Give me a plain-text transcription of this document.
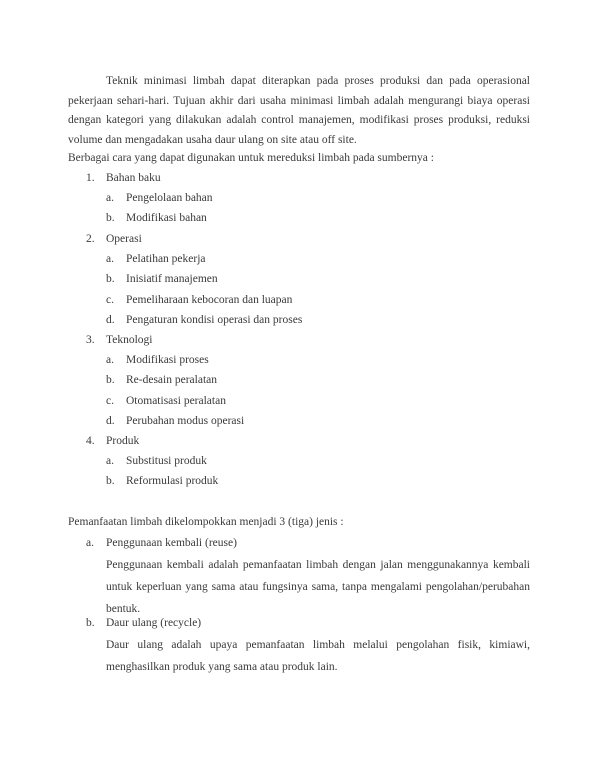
Teknik minimasi limbah dapat diterapkan pada proses produksi dan pada operasional pekerjaan sehari-hari. Tujuan akhir dari usaha minimasi limbah adalah mengurangi biaya operasi dengan kategori yang dilakukan adalah control manajemen, modifikasi proses produksi, reduksi volume dan mengadakan usaha daur ulang on site atau off site.
Berbagai cara yang dapat digunakan untuk mereduksi limbah pada sumbernya :
1. Bahan baku
a. Pengelolaan bahan
b. Modifikasi bahan
2. Operasi
a. Pelatihan pekerja
b. Inisiatif manajemen
c. Pemeliharaan kebocoran dan luapan
d. Pengaturan kondisi operasi dan proses
3. Teknologi
a. Modifikasi proses
b. Re-desain peralatan
c. Otomatisasi peralatan
d. Perubahan modus operasi
4. Produk
a. Substitusi produk
b. Reformulasi produk
Pemanfaatan limbah dikelompokkan menjadi 3 (tiga) jenis :
a. Penggunaan kembali (reuse)
Penggunaan kembali adalah pemanfaatan limbah dengan jalan menggunakannya kembali untuk keperluan yang sama atau fungsinya sama, tanpa mengalami pengolahan/perubahan bentuk.
b. Daur ulang (recycle)
Daur ulang adalah upaya pemanfaatan limbah melalui pengolahan fisik, kimiawi, menghasilkan produk yang sama atau produk lain.
